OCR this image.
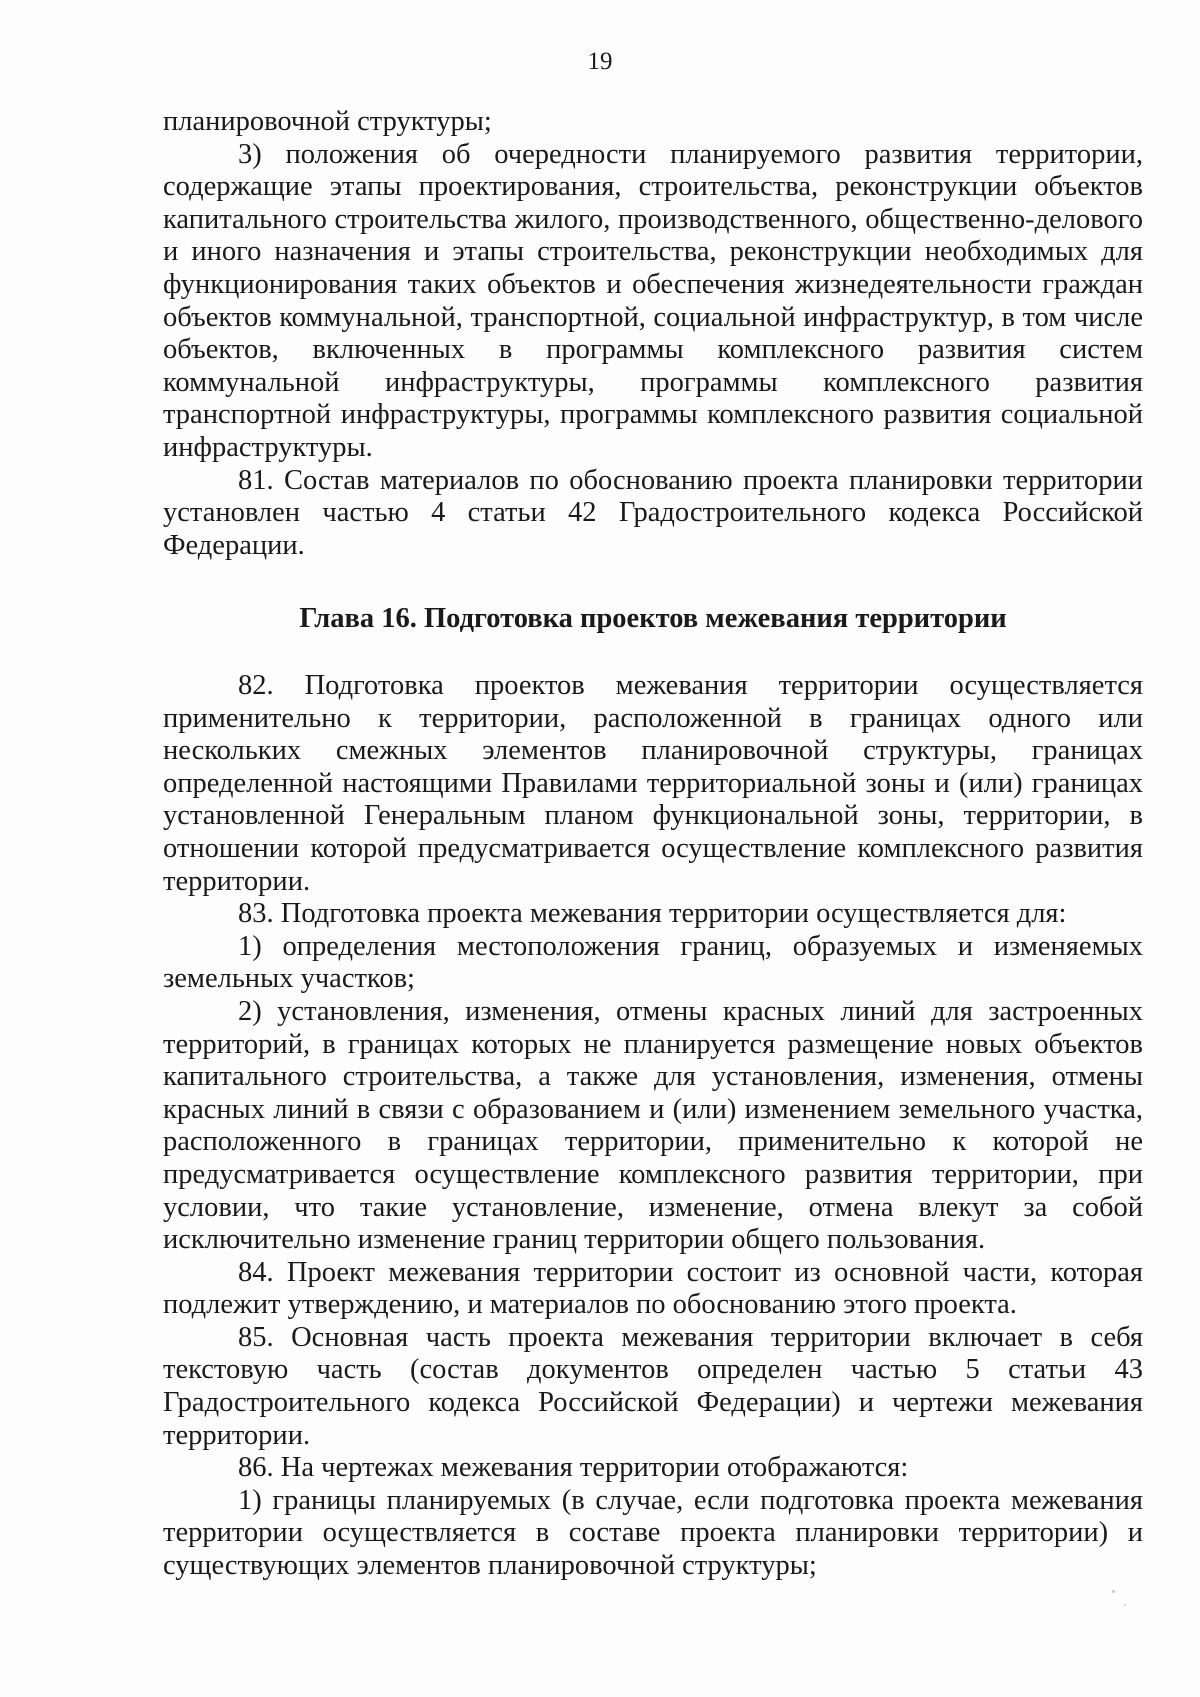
19

планировочной структуры;

3) положения об очередности планируемого развития территории, содержащие этапы проектирования, строительства, реконструкции объектов капитального строительства жилого, производственного, общественно-делового и иного назначения и этапы строительства, реконструкции необходимых для функционирования таких объектов и обеспечения жизнедеятельности граждан объектов коммунальной, транспортной, социальной инфраструктур, в том числе объектов, включенных в программы комплексного развития систем коммунальной инфраструктуры, программы комплексного развития транспортной инфраструктуры, программы комплексного развития социальной инфраструктуры.

81. Состав материалов по обоснованию проекта планировки территории установлен частью 4 статьи 42 Градостроительного кодекса Российской Федерации.

Глава 16. Подготовка проектов межевания территории

82. Подготовка проектов межевания территории осуществляется применительно к территории, расположенной в границах одного или нескольких смежных элементов планировочной структуры, границах определенной настоящими Правилами территориальной зоны и (или) границах установленной Генеральным планом функциональной зоны, территории, в отношении которой предусматривается осуществление комплексного развития территории.

83. Подготовка проекта межевания территории осуществляется для:

1) определения местоположения границ, образуемых и изменяемых земельных участков;

2) установления, изменения, отмены красных линий для застроенных территорий, в границах которых не планируется размещение новых объектов капитального строительства, а также для установления, изменения, отмены красных линий в связи с образованием и (или) изменением земельного участка, расположенного в границах территории, применительно к которой не предусматривается осуществление комплексного развития территории, при условии, что такие установление, изменение, отмена влекут за собой исключительно изменение границ территории общего пользования.

84. Проект межевания территории состоит из основной части, которая подлежит утверждению, и материалов по обоснованию этого проекта.

85. Основная часть проекта межевания территории включает в себя текстовую часть (состав документов определен частью 5 статьи 43 Градостроительного кодекса Российской Федерации) и чертежи межевания территории.

86. На чертежах межевания территории отображаются:

1) границы планируемых (в случае, если подготовка проекта межевания территории осуществляется в составе проекта планировки территории) и существующих элементов планировочной структуры;
